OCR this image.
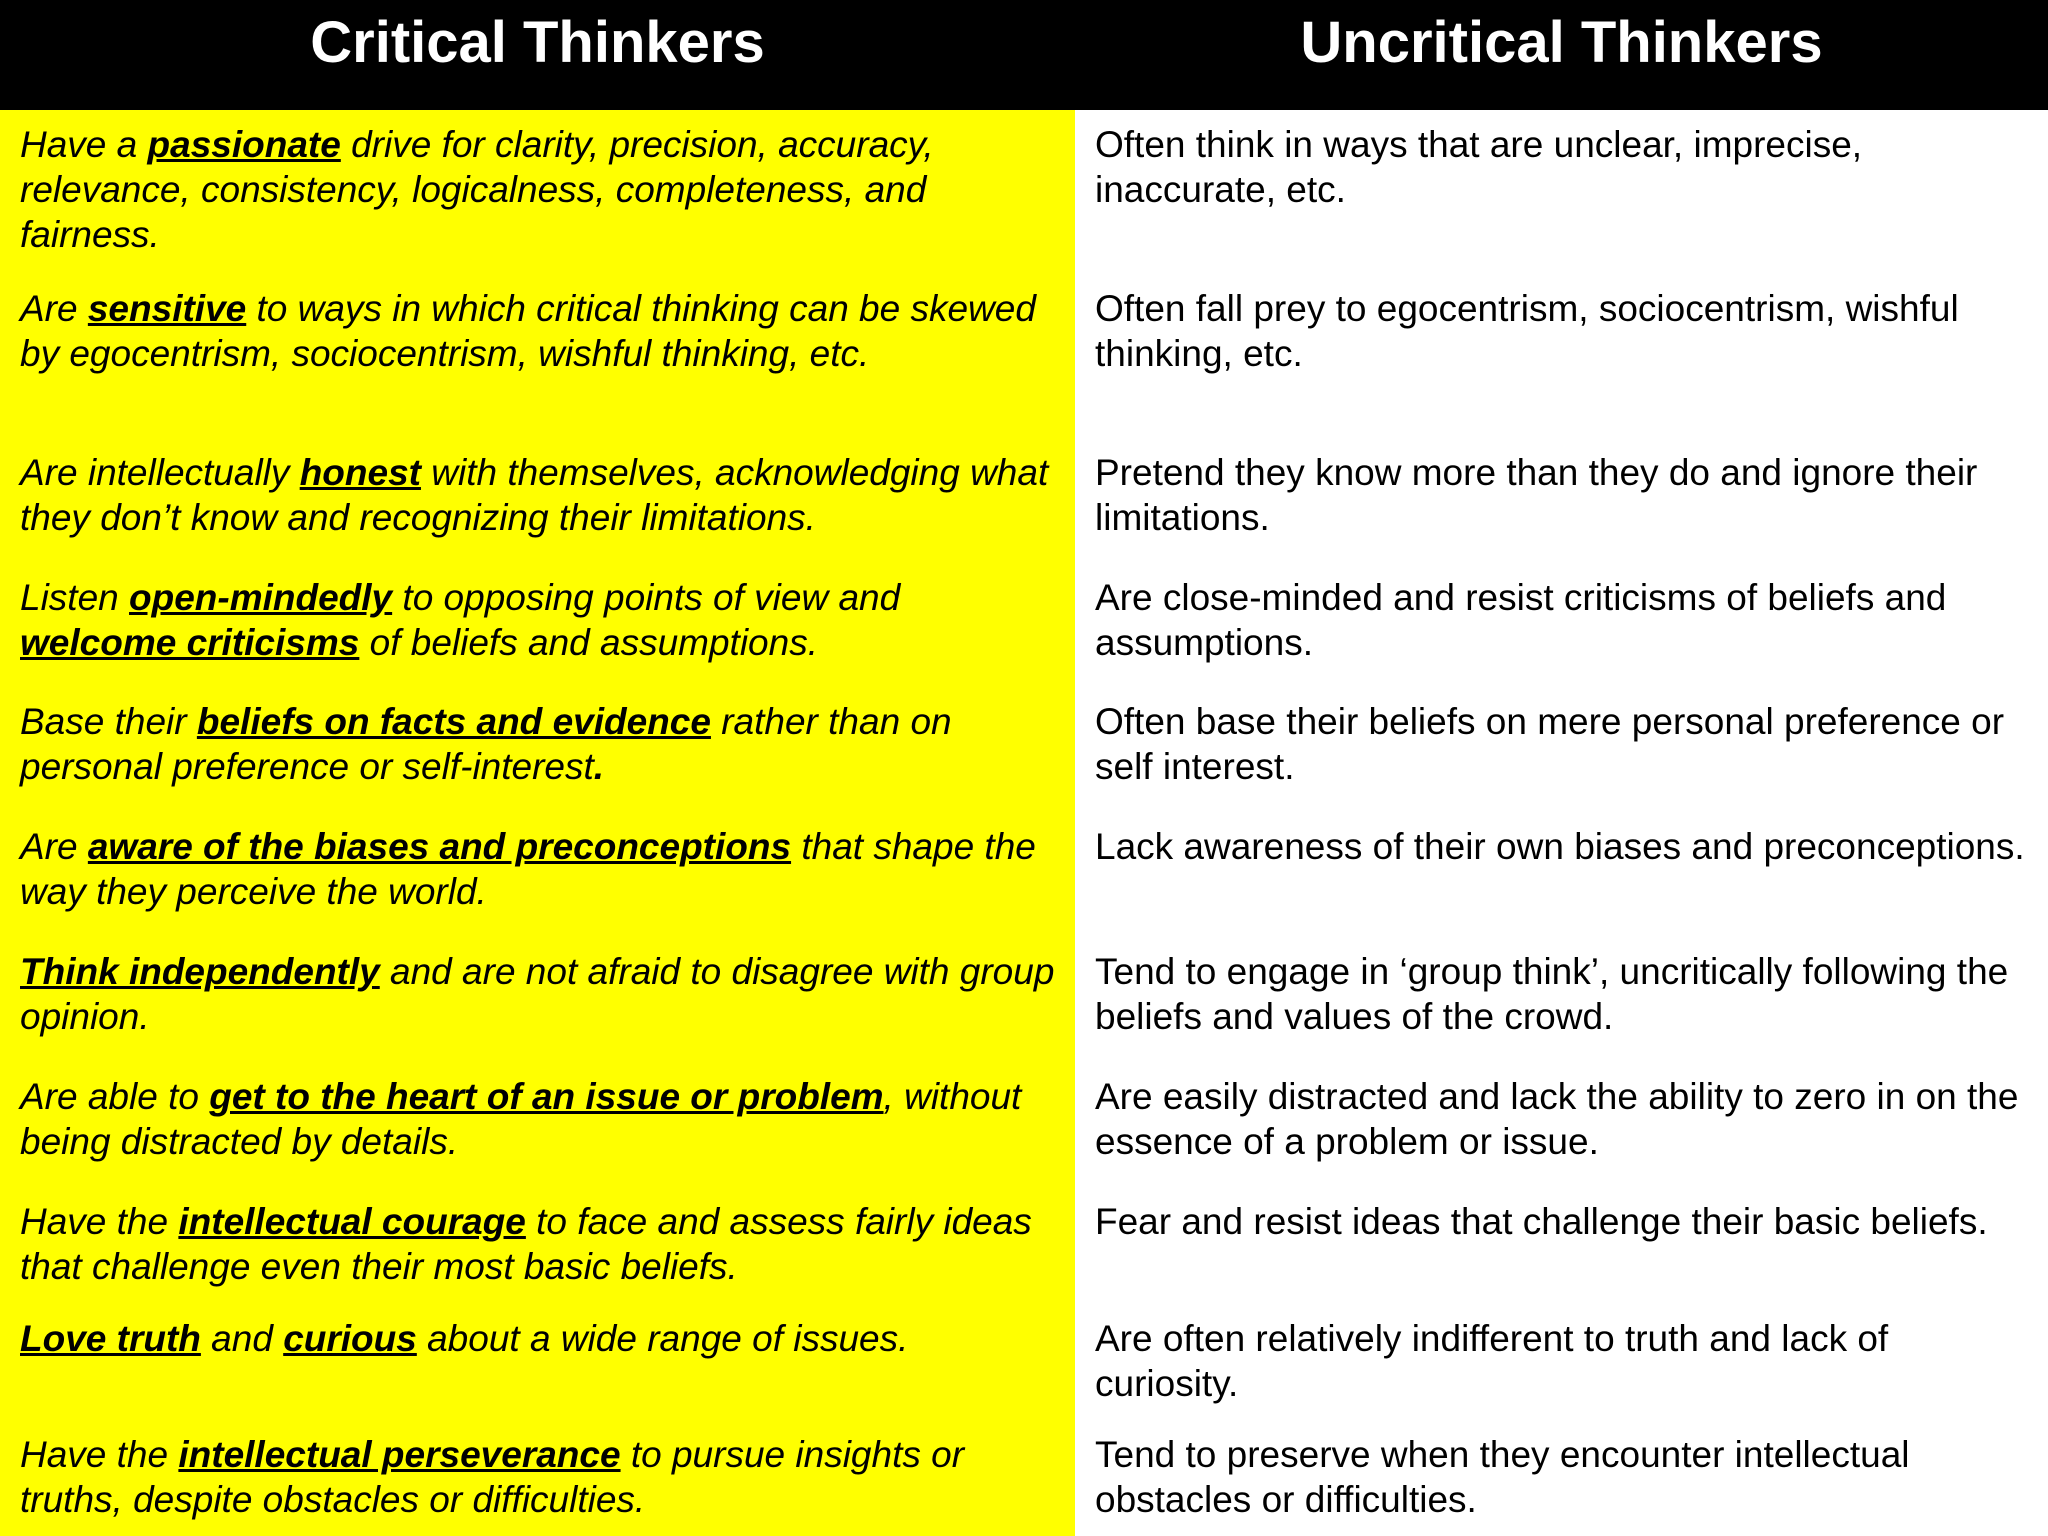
Critical Thinkers	Uncritical Thinkers
Have a passionate drive for clarity, precision, accuracy, relevance, consistency, logicalness, completeness, and fairness.
Often think in ways that are unclear, imprecise, inaccurate, etc.
Are sensitive to ways in which critical thinking can be skewed by egocentrism, sociocentrism, wishful thinking, etc.
Often fall prey to egocentrism, sociocentrism, wishful thinking, etc.
Are intellectually honest with themselves, acknowledging what they don’t know and recognizing their limitations.
Pretend they know more than they do and ignore their limitations.
Listen open-mindedly to opposing points of view and welcome criticisms of beliefs and assumptions.
Are close-minded and resist criticisms of beliefs and assumptions.
Base their beliefs on facts and evidence rather than on personal preference or self-interest.
Often base their beliefs on mere personal preference or self interest.
Are aware of the biases and preconceptions that shape the way they perceive the world.
Lack awareness of their own biases and preconceptions.
Think independently and are not afraid to disagree with group opinion.
Tend to engage in ‘group think’, uncritically following the beliefs and values of the crowd.
Are able to get to the heart of an issue or problem, without being distracted by details.
Are easily distracted and lack the ability to zero in on the essence of a problem or issue.
Have the intellectual courage to face and assess fairly ideas that challenge even their most basic beliefs.
Fear and resist ideas that challenge their basic beliefs.
Love truth and curious about a wide range of issues.	Are often relatively indifferent to truth and lack of curiosity.
Have the intellectual perseverance to pursue insights or truths, despite obstacles or difficulties.
Tend to preserve when they encounter intellectual obstacles or difficulties.
